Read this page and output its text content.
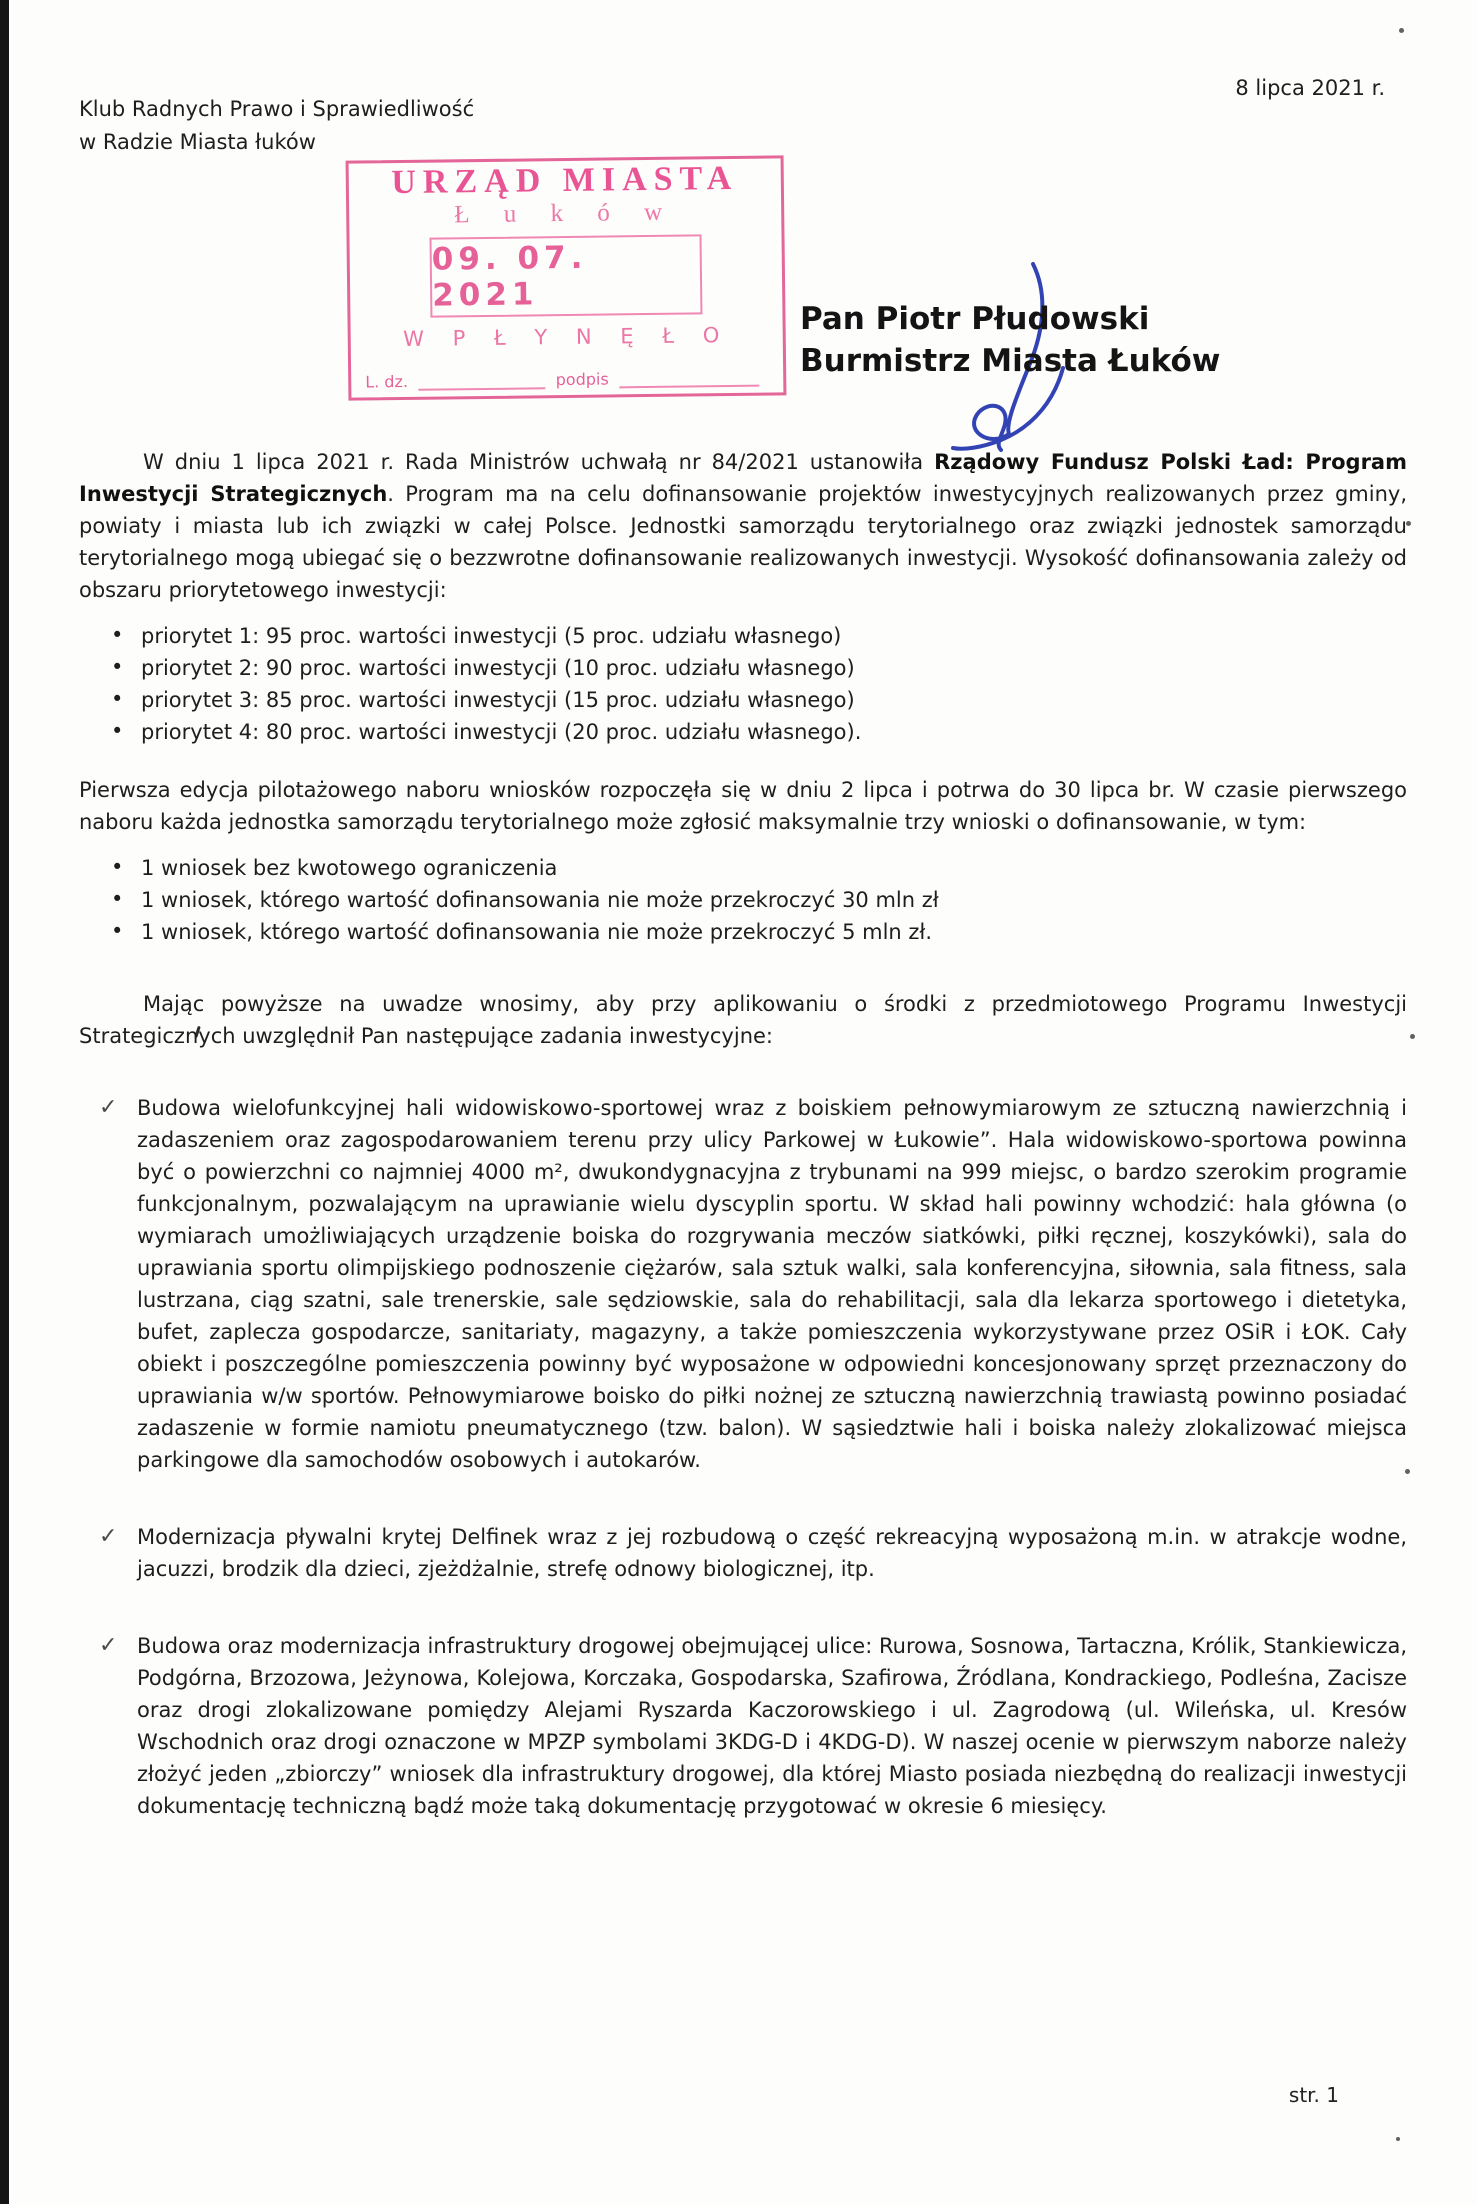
8 lipca 2021 r.
Klub Radnych Prawo i Sprawiedliwość
w Radzie Miasta łuków
URZĄD MIASTA
Ł u k ó w
09. 07. 2021
W P Ł Y N Ę Ł O
L. dz.	podpis
Pan Piotr Płudowski
Burmistrz Miasta Łuków

W dniu 1 lipca 2021 r. Rada Ministrów uchwałą nr 84/2021 ustanowiła Rządowy Fundusz Polski Ład: Program Inwestycji Strategicznych. Program ma na celu dofinansowanie projektów inwestycyjnych realizowanych przez gminy, powiaty i miasta lub ich związki w całej Polsce. Jednostki samorządu terytorialnego oraz związki jednostek samorządu terytorialnego mogą ubiegać się o bezzwrotne dofinansowanie realizowanych inwestycji. Wysokość dofinansowania zależy od obszaru priorytetowego inwestycji:

• priorytet 1: 95 proc. wartości inwestycji (5 proc. udziału własnego)
• priorytet 2: 90 proc. wartości inwestycji (10 proc. udziału własnego)
• priorytet 3: 85 proc. wartości inwestycji (15 proc. udziału własnego)
• priorytet 4: 80 proc. wartości inwestycji (20 proc. udziału własnego).

Pierwsza edycja pilotażowego naboru wniosków rozpoczęła się w dniu 2 lipca i potrwa do 30 lipca br. W czasie pierwszego naboru każda jednostka samorządu terytorialnego może zgłosić maksymalnie trzy wnioski o dofinansowanie, w tym:

• 1 wniosek bez kwotowego ograniczenia
• 1 wniosek, którego wartość dofinansowania nie może przekroczyć 30 mln zł
• 1 wniosek, którego wartość dofinansowania nie może przekroczyć 5 mln zł.

Mając powyższe na uwadze wnosimy, aby przy aplikowaniu o środki z przedmiotowego Programu Inwestycji Strategicznych uwzględnił Pan następujące zadania inwestycyjne:

✓ Budowa wielofunkcyjnej hali widowiskowo-sportowej wraz z boiskiem pełnowymiarowym ze sztuczną nawierzchnią i zadaszeniem oraz zagospodarowaniem terenu przy ulicy Parkowej w Łukowie”. Hala widowiskowo-sportowa powinna być o powierzchni co najmniej 4000 m², dwukondygnacyjna z trybunami na 999 miejsc, o bardzo szerokim programie funkcjonalnym, pozwalającym na uprawianie wielu dyscyplin sportu. W skład hali powinny wchodzić: hala główna (o wymiarach umożliwiających urządzenie boiska do rozgrywania meczów siatkówki, piłki ręcznej, koszykówki), sala do uprawiania sportu olimpijskiego podnoszenie ciężarów, sala sztuk walki, sala konferencyjna, siłownia, sala fitness, sala lustrzana, ciąg szatni, sale trenerskie, sale sędziowskie, sala do rehabilitacji, sala dla lekarza sportowego i dietetyka, bufet, zaplecza gospodarcze, sanitariaty, magazyny, a także pomieszczenia wykorzystywane przez OSiR i ŁOK. Cały obiekt i poszczególne pomieszczenia powinny być wyposażone w odpowiedni koncesjonowany sprzęt przeznaczony do uprawiania w/w sportów. Pełnowymiarowe boisko do piłki nożnej ze sztuczną nawierzchnią trawiastą powinno posiadać zadaszenie w formie namiotu pneumatycznego (tzw. balon). W sąsiedztwie hali i boiska należy zlokalizować miejsca parkingowe dla samochodów osobowych i autokarów.
✓ Modernizacja pływalni krytej Delfinek wraz z jej rozbudową o część rekreacyjną wyposażoną m.in. w atrakcje wodne, jacuzzi, brodzik dla dzieci, zjeżdżalnie, strefę odnowy biologicznej, itp.
✓ Budowa oraz modernizacja infrastruktury drogowej obejmującej ulice: Rurowa, Sosnowa, Tartaczna, Królik, Stankiewicza, Podgórna, Brzozowa, Jeżynowa, Kolejowa, Korczaka, Gospodarska, Szafirowa, Źródlana, Kondrackiego, Podleśna, Zacisze oraz drogi zlokalizowane pomiędzy Alejami Ryszarda Kaczorowskiego i ul. Zagrodową (ul. Wileńska, ul. Kresów Wschodnich oraz drogi oznaczone w MPZP symbolami 3KDG-D i 4KDG-D). W naszej ocenie w pierwszym naborze należy złożyć jeden „zbiorczy” wniosek dla infrastruktury drogowej, dla której Miasto posiada niezbędną do realizacji inwestycji dokumentację techniczną bądź może taką dokumentację przygotować w okresie 6 miesięcy.
str. 1
